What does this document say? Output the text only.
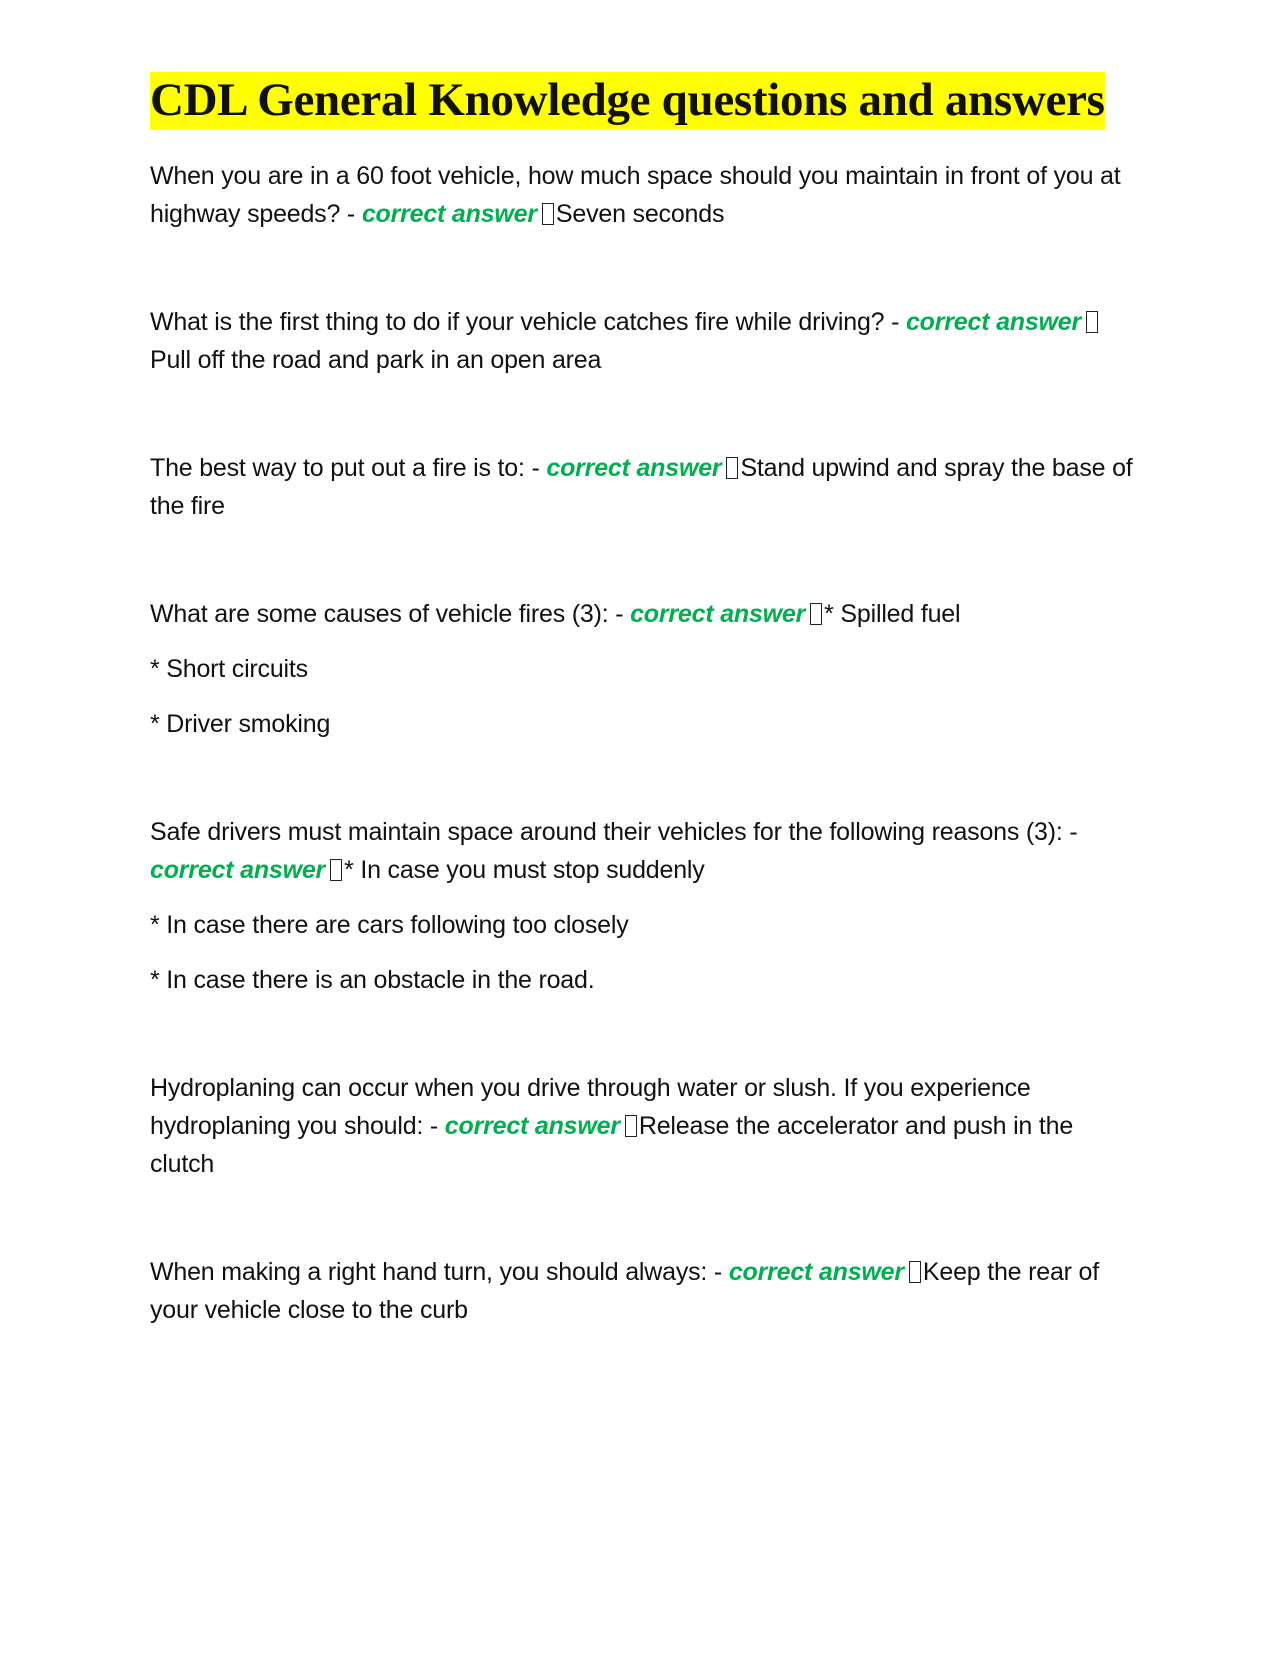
CDL General Knowledge questions and answers

When you are in a 60 foot vehicle, how much space should you maintain in front of you at highway speeds? - correct answer Seven seconds

What is the first thing to do if your vehicle catches fire while driving? - correct answerPull off the road and park in an open area

The best way to put out a fire is to: - correct answer Stand upwind and spray the base of the fire

What are some causes of vehicle fires (3): - correct answer * Spilled fuel

* Short circuits

* Driver smoking

Safe drivers must maintain space around their vehicles for the following reasons (3): - correct answer * In case you must stop suddenly

* In case there are cars following too closely

* In case there is an obstacle in the road.

Hydroplaning can occur when you drive through water or slush. If you experience hydroplaning you should: - correct answer Release the accelerator and push in the clutch

When making a right hand turn, you should always: - correct answer Keep the rear of your vehicle close to the curb
